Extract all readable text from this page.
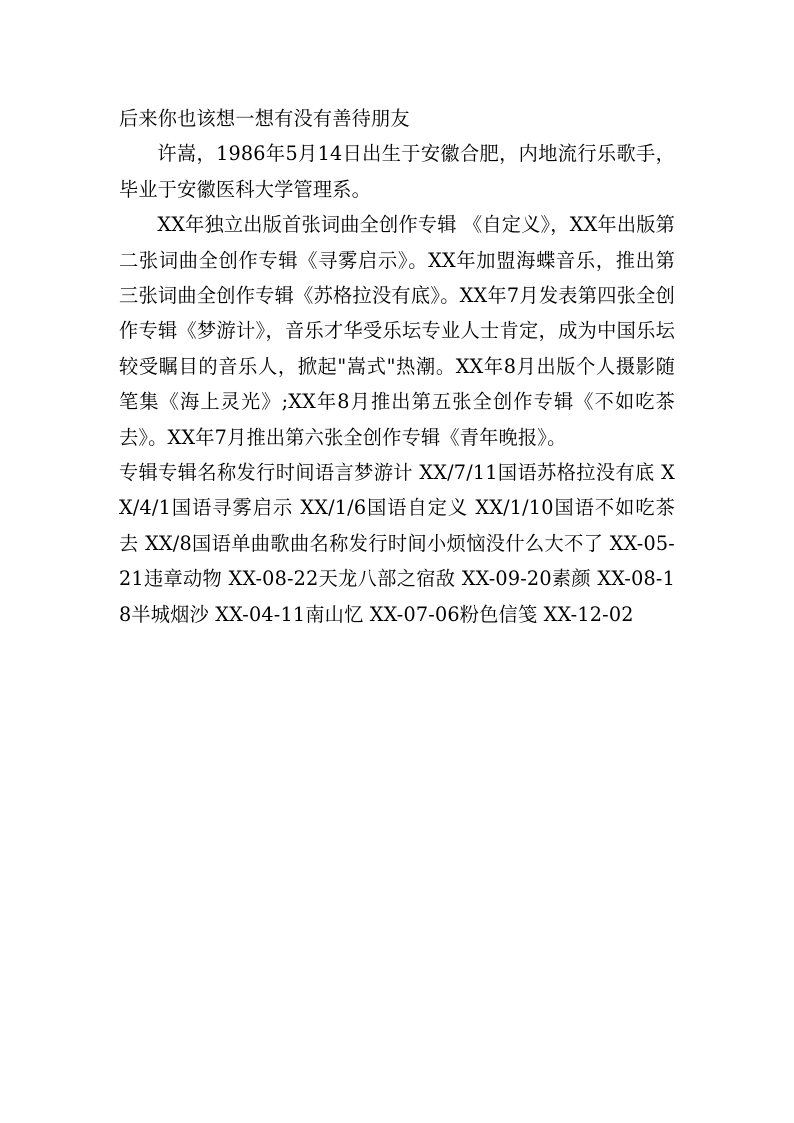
后来你也该想一想有没有善待朋友

许嵩，1986年5月14日出生于安徽合肥，内地流行乐歌手，毕业于安徽医科大学管理系。

XX年独立出版首张词曲全创作专辑 《自定义》，XX年出版第二张词曲全创作专辑《寻雾启示》。XX年加盟海蝶音乐，推出第三张词曲全创作专辑《苏格拉没有底》。XX年7月发表第四张全创作专辑《梦游计》，音乐才华受乐坛专业人士肯定，成为中国乐坛较受瞩目的音乐人，掀起"嵩式"热潮。XX年8月出版个人摄影随笔集《海上灵光》;XX年8月推出第五张全创作专辑《不如吃茶去》。XX年7月推出第六张全创作专辑《青年晚报》。

专辑专辑名称发行时间语言梦游计 XX/7/11国语苏格拉没有底 XX/4/1国语寻雾启示 XX/1/6国语自定义 XX/1/10国语不如吃茶去 XX/8国语单曲歌曲名称发行时间小烦恼没什么大不了 XX-05-21违章动物 XX-08-22天龙八部之宿敌 XX-09-20素颜 XX-08-18半城烟沙 XX-04-11南山忆 XX-07-06粉色信笺 XX-12-02
